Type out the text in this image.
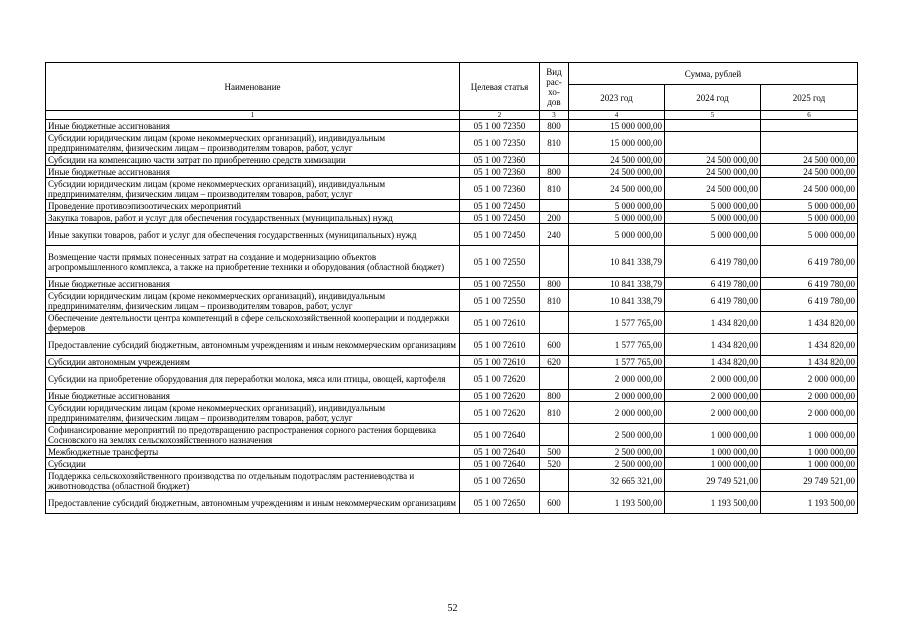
Наименование	Целевая статья	Вид рас- хо- дов	Сумма, рублей		
			2023 год	2024 год	2025 год
1	2	3	4	5	6
Иные бюджетные ассигнования	05 1 00 72350	800	15 000 000,00		
Субсидии юридическим лицам (кроме некоммерческих организаций), индивидуальным предпринимателям, физическим лицам – производителям товаров, работ, услуг	05 1 00 72350	810	15 000 000,00		
Субсидии на компенсацию части затрат по приобретению средств химизации	05 1 00 72360		24 500 000,00	24 500 000,00	24 500 000,00
Иные бюджетные ассигнования	05 1 00 72360	800	24 500 000,00	24 500 000,00	24 500 000,00
Субсидии юридическим лицам (кроме некоммерческих организаций), индивидуальным предпринимателям, физическим лицам – производителям товаров, работ, услуг	05 1 00 72360	810	24 500 000,00	24 500 000,00	24 500 000,00
Проведение противоэпизоотических мероприятий	05 1 00 72450		5 000 000,00	5 000 000,00	5 000 000,00
Закупка товаров, работ и услуг для обеспечения государственных (муниципальных) нужд	05 1 00 72450	200	5 000 000,00	5 000 000,00	5 000 000,00
Иные закупки товаров, работ и услуг для обеспечения государственных (муниципальных) нужд	05 1 00 72450	240	5 000 000,00	5 000 000,00	5 000 000,00
Возмещение части прямых понесенных затрат на создание и модернизацию объектов агропромышленного комплекса, а также на приобретение техники и оборудования (областной бюджет)	05 1 00 72550		10 841 338,79	6 419 780,00	6 419 780,00
Иные бюджетные ассигнования	05 1 00 72550	800	10 841 338,79	6 419 780,00	6 419 780,00
Субсидии юридическим лицам (кроме некоммерческих организаций), индивидуальным предпринимателям, физическим лицам – производителям товаров, работ, услуг	05 1 00 72550	810	10 841 338,79	6 419 780,00	6 419 780,00
Обеспечение деятельности центра компетенций в сфере сельскохозяйственной кооперации и поддержки фермеров	05 1 00 72610		1 577 765,00	1 434 820,00	1 434 820,00
Предоставление субсидий бюджетным, автономным учреждениям и иным некоммерческим организациям	05 1 00 72610	600	1 577 765,00	1 434 820,00	1 434 820,00
Субсидии автономным учреждениям	05 1 00 72610	620	1 577 765,00	1 434 820,00	1 434 820,00
Субсидии на приобретение оборудования для переработки молока, мяса или птицы, овощей, картофеля	05 1 00 72620		2 000 000,00	2 000 000,00	2 000 000,00
Иные бюджетные ассигнования	05 1 00 72620	800	2 000 000,00	2 000 000,00	2 000 000,00
Субсидии юридическим лицам (кроме некоммерческих организаций), индивидуальным предпринимателям, физическим лицам – производителям товаров, работ, услуг	05 1 00 72620	810	2 000 000,00	2 000 000,00	2 000 000,00
Софинансирование мероприятий по предотвращению распространения сорного растения борщевика Сосновского на землях сельскохозяйственного назначения	05 1 00 72640		2 500 000,00	1 000 000,00	1 000 000,00
Межбюджетные трансферты	05 1 00 72640	500	2 500 000,00	1 000 000,00	1 000 000,00
Субсидии	05 1 00 72640	520	2 500 000,00	1 000 000,00	1 000 000,00
Поддержка сельскохозяйственного производства по отдельным подотраслям растениеводства и животноводства (областной бюджет)	05 1 00 72650		32 665 321,00	29 749 521,00	29 749 521,00
Предоставление субсидий бюджетным, автономным учреждениям и иным некоммерческим организациям	05 1 00 72650	600	1 193 500,00	1 193 500,00	1 193 500,00
52
